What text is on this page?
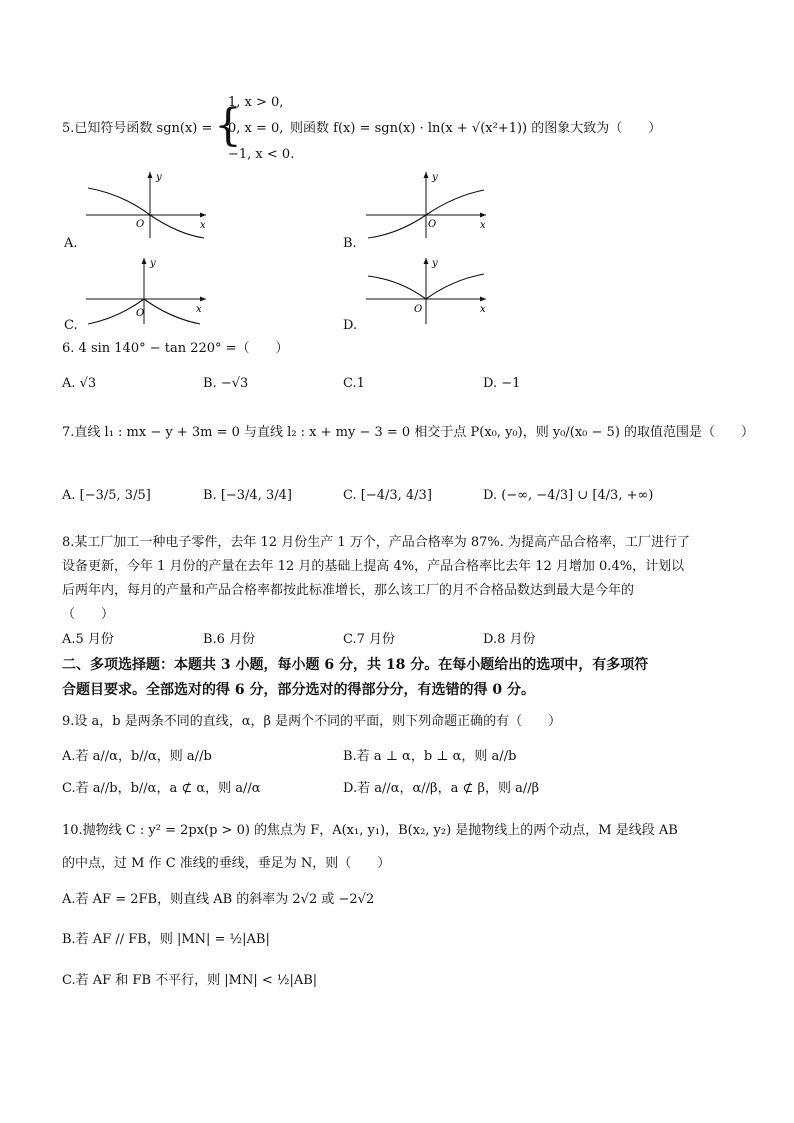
5.已知符号函数 sgn(x) = {
1, x > 0,
0, x = 0,
−1, x < 0.
则函数 f(x) = sgn(x) · ln(x + √(x²+1)) 的图象大致为（　　）
A.
y
x
O
B.
y
x
O
C.
y
x
O
D.
y
x
O
6. 4 sin 140° − tan 220° =（　　）
A. √3	B. −√3	C.1	D. −1
7.直线 l₁ : mx − y + 3m = 0 与直线 l₂ : x + my − 3 = 0 相交于点 P(x₀, y₀)，则 y₀/(x₀ − 5) 的取值范围是（　　）
A. [−3/5, 3/5]	B. [−3/4, 3/4]	C. [−4/3, 4/3]	D. (−∞, −4/3] ∪ [4/3, +∞)
8.某工厂加工一种电子零件，去年 12 月份生产 1 万个，产品合格率为 87%. 为提高产品合格率，工厂进行了
设备更新，今年 1 月份的产量在去年 12 月的基础上提高 4%，产品合格率比去年 12 月增加 0.4%，计划以
后两年内，每月的产量和产品合格率都按此标准增长，那么该工厂的月不合格品数达到最大是今年的
（　　）
A.5 月份	B.6 月份	C.7 月份	D.8 月份
二、多项选择题：本题共 3 小题，每小题 6 分，共 18 分。在每小题给出的选项中，有多项符
合题目要求。全部选对的得 6 分，部分选对的得部分分，有选错的得 0 分。
9.设 a，b 是两条不同的直线，α，β 是两个不同的平面，则下列命题正确的有（　　）
A.若 a//α，b//α，则 a//b	B.若 a ⊥ α，b ⊥ α，则 a//b
C.若 a//b，b//α，a ⊄ α，则 a//α	D.若 a//α，α//β，a ⊄ β，则 a//β
10.抛物线 C : y² = 2px(p > 0) 的焦点为 F，A(x₁, y₁)，B(x₂, y₂) 是抛物线上的两个动点，M 是线段 AB
的中点，过 M 作 C 准线的垂线，垂足为 N，则（　　）
A.若 AF = 2FB，则直线 AB 的斜率为 2√2 或 −2√2
B.若 AF // FB，则 |MN| = ½|AB|
C.若 AF 和 FB 不平行，则 |MN| < ½|AB|
